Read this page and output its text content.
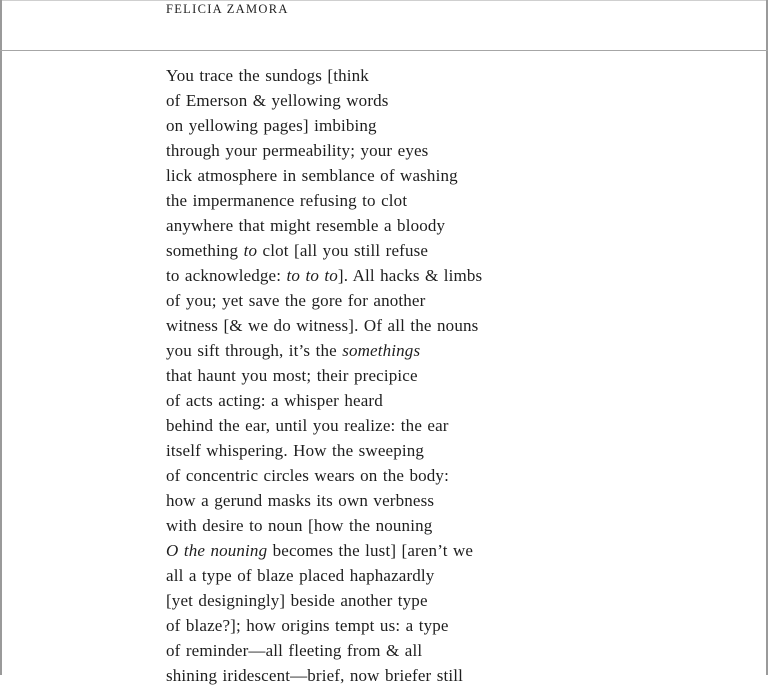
FELICIA ZAMORA
You trace the sundogs [think
of Emerson & yellowing words
on yellowing pages] imbibing
through your permeability; your eyes
lick atmosphere in semblance of washing
the impermanence refusing to clot
anywhere that might resemble a bloody
something to clot [all you still refuse
to acknowledge: to to to]. All hacks & limbs
of you; yet save the gore for another
witness [& we do witness]. Of all the nouns
you sift through, it’s the somethings
that haunt you most; their precipice
of acts acting: a whisper heard
behind the ear, until you realize: the ear
itself whispering. How the sweeping
of concentric circles wears on the body:
how a gerund masks its own verbness
with desire to noun [how the nouning
O the nouning becomes the lust] [aren’t we
all a type of blaze placed haphazardly
[yet designingly] beside another type
of blaze?]; how origins tempt us: a type
of reminder—all fleeting from & all
shining iridescent—brief, now briefer still
